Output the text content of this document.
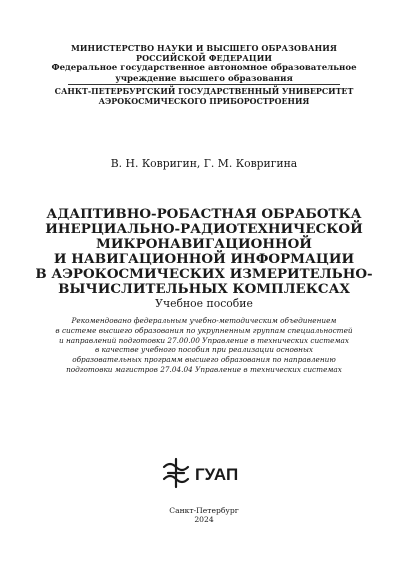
МИНИСТЕРСТВО НАУКИ И ВЫСШЕГО ОБРАЗОВАНИЯ
РОССИЙСКОЙ ФЕДЕРАЦИИ
Федеральное государственное автономное образовательное
учреждение высшего образования
САНКТ-ПЕТЕРБУРГСКИЙ ГОСУДАРСТВЕННЫЙ УНИВЕРСИТЕТ
АЭРОКОСМИЧЕСКОГО ПРИБОРОСТРОЕНИЯ
В. Н. Ковригин, Г. М. Ковригина
АДАПТИВНО-РОБАСТНАЯ ОБРАБОТКА
ИНЕРЦИАЛЬНО-РАДИОТЕХНИЧЕСКОЙ
МИКРОНАВИГАЦИОННОЙ
И НАВИГАЦИОННОЙ ИНФОРМАЦИИ
В АЭРОКОСМИЧЕСКИХ ИЗМЕРИТЕЛЬНО-
ВЫЧИСЛИТЕЛЬНЫХ КОМПЛЕКСАХ
Учебное пособие
Рекомендовано федеральным учебно-методическим объединением
в системе высшего образования по укрупненным группам специальностей
и направлений подготовки 27.00.00 Управление в технических системах
в качестве учебного пособия при реализации основных
образовательных программ высшего образования по направлению
подготовки магистров 27.04.04 Управление в технических системах
ГУАП
Санкт-Петербург
2024
